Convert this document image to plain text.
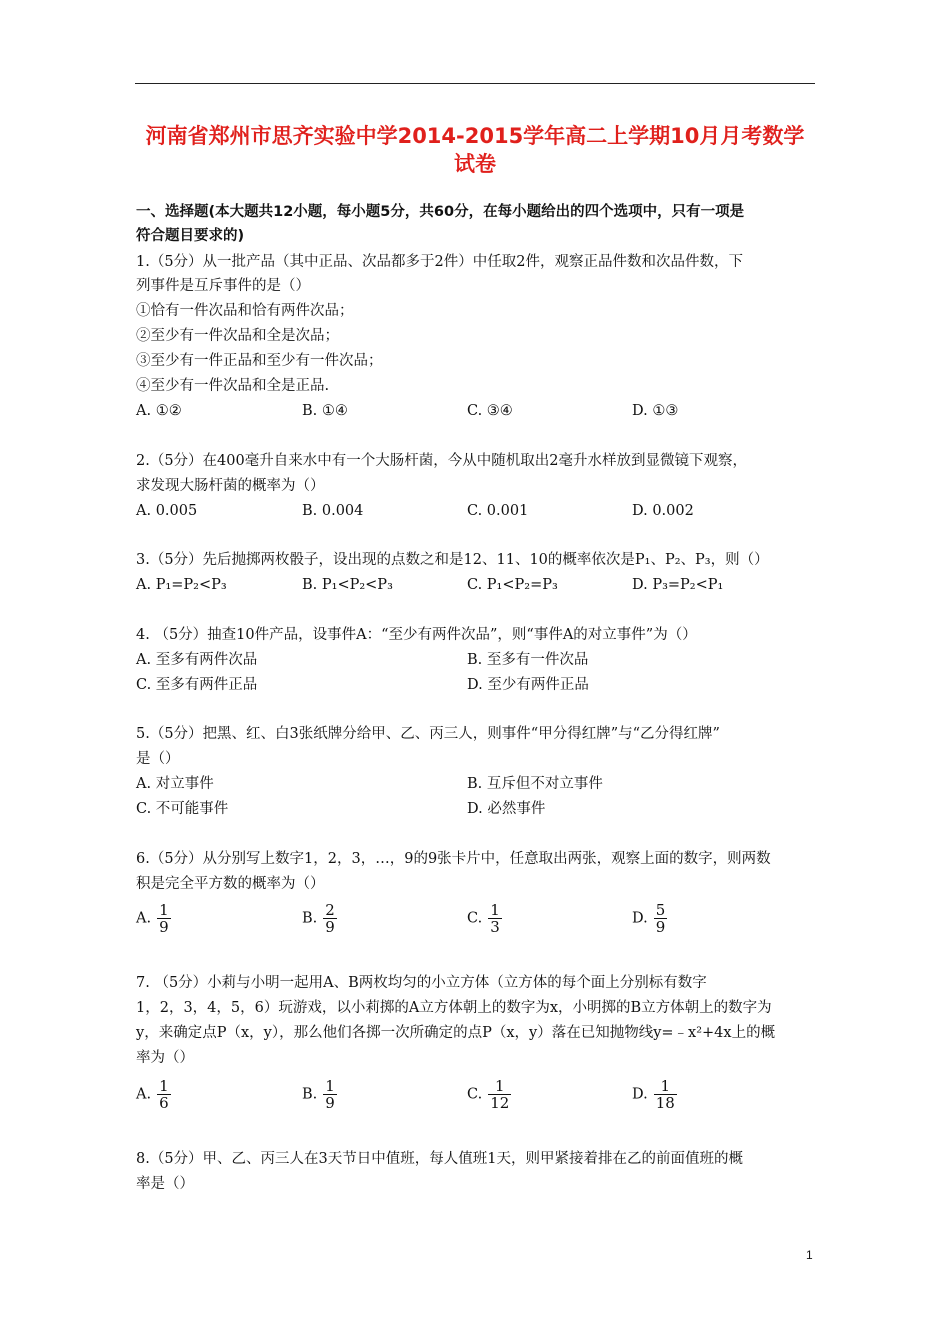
河南省郑州市思齐实验中学2014-2015学年高二上学期10月月考数学
试卷
一、选择题(本大题共12小题，每小题5分，共60分，在每小题给出的四个选项中，只有一项是
符合题目要求的)
1.（5分）从一批产品（其中正品、次品都多于2件）中任取2件，观察正品件数和次品件数，下
列事件是互斥事件的是（）
①恰有一件次品和恰有两件次品；
②至少有一件次品和全是次品；
③至少有一件正品和至少有一件次品；
④至少有一件次品和全是正品.
A. ①②	B. ①④	C. ③④	D. ①③
2.（5分）在400毫升自来水中有一个大肠杆菌，今从中随机取出2毫升水样放到显微镜下观察，
求发现大肠杆菌的概率为（）
A. 0.005	B. 0.004	C. 0.001	D. 0.002
3.（5分）先后抛掷两枚骰子，设出现的点数之和是12、11、10的概率依次是P₁、P₂、P₃，则（）
A. P₁=P₂<P₃	B. P₁<P₂<P₃	C. P₁<P₂=P₃	D. P₃=P₂<P₁
4. （5分）抽查10件产品，设事件A：“至少有两件次品”，则“事件A的对立事件”为（）
A. 至多有两件次品	B. 至多有一件次品
C. 至多有两件正品	D. 至少有两件正品
5.（5分）把黑、红、白3张纸牌分给甲、乙、丙三人，则事件“甲分得红牌”与“乙分得红牌”
是（）
A. 对立事件	B. 互斥但不对立事件
C. 不可能事件	D. 必然事件
6.（5分）从分别写上数字1，2，3，…，9的9张卡片中，任意取出两张，观察上面的数字，则两数
积是完全平方数的概率为（）
A. $\frac{1}{9}$	B. $\frac{2}{9}$	C. $\frac{1}{3}$	D. $\frac{5}{9}$
7. （5分）小莉与小明一起用A、B两枚均匀的小立方体（立方体的每个面上分别标有数字
1，2，3，4，5，6）玩游戏，以小莉掷的A立方体朝上的数字为x，小明掷的B立方体朝上的数字为
y，来确定点P（x，y），那么他们各掷一次所确定的点P（x，y）落在已知抛物线y=﹣x²+4x上的概
率为（）
A. $\frac{1}{6}$	B. $\frac{1}{9}$	C. $\frac{1}{12}$	D. $\frac{1}{18}$
8.（5分）甲、乙、丙三人在3天节日中值班，每人值班1天，则甲紧接着排在乙的前面值班的概
率是（）
1
